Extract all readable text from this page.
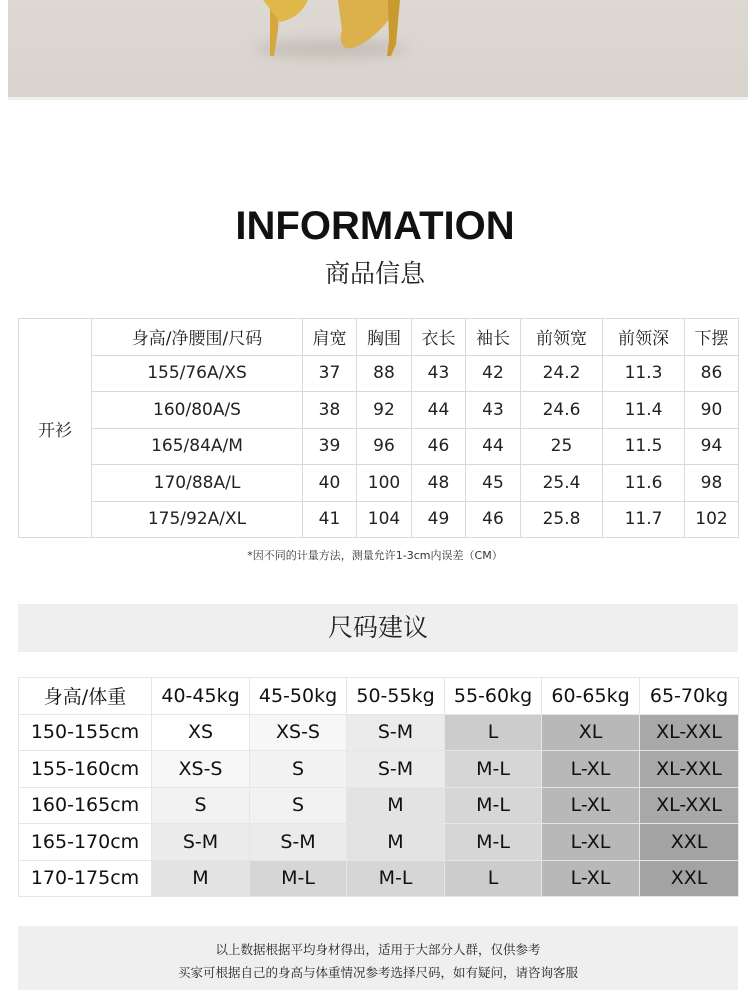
INFORMATION
商品信息
开衫	身高/净腰围/尺码	肩宽	胸围	衣长	袖长	前领宽	前领深	下摆
	155/76A/XS	37	88	43	42	24.2	11.3	86
	160/80A/S	38	92	44	43	24.6	11.4	90
	165/84A/M	39	96	46	44	25	11.5	94
	170/88A/L	40	100	48	45	25.4	11.6	98
	175/92A/XL	41	104	49	46	25.8	11.7	102
*因不同的计量方法，测量允许1-3cm内误差（CM）
尺码建议
身高/体重	40-45kg	45-50kg	50-55kg	55-60kg	60-65kg	65-70kg
150-155cm	XS	XS-S	S-M	L	XL	XL-XXL
155-160cm	XS-S	S	S-M	M-L	L-XL	XL-XXL
160-165cm	S	S	M	M-L	L-XL	XL-XXL
165-170cm	S-M	S-M	M	M-L	L-XL	XXL
170-175cm	M	M-L	M-L	L	L-XL	XXL
以上数据根据平均身材得出，适用于大部分人群，仅供参考
买家可根据自己的身高与体重情况参考选择尺码，如有疑问，请咨询客服
